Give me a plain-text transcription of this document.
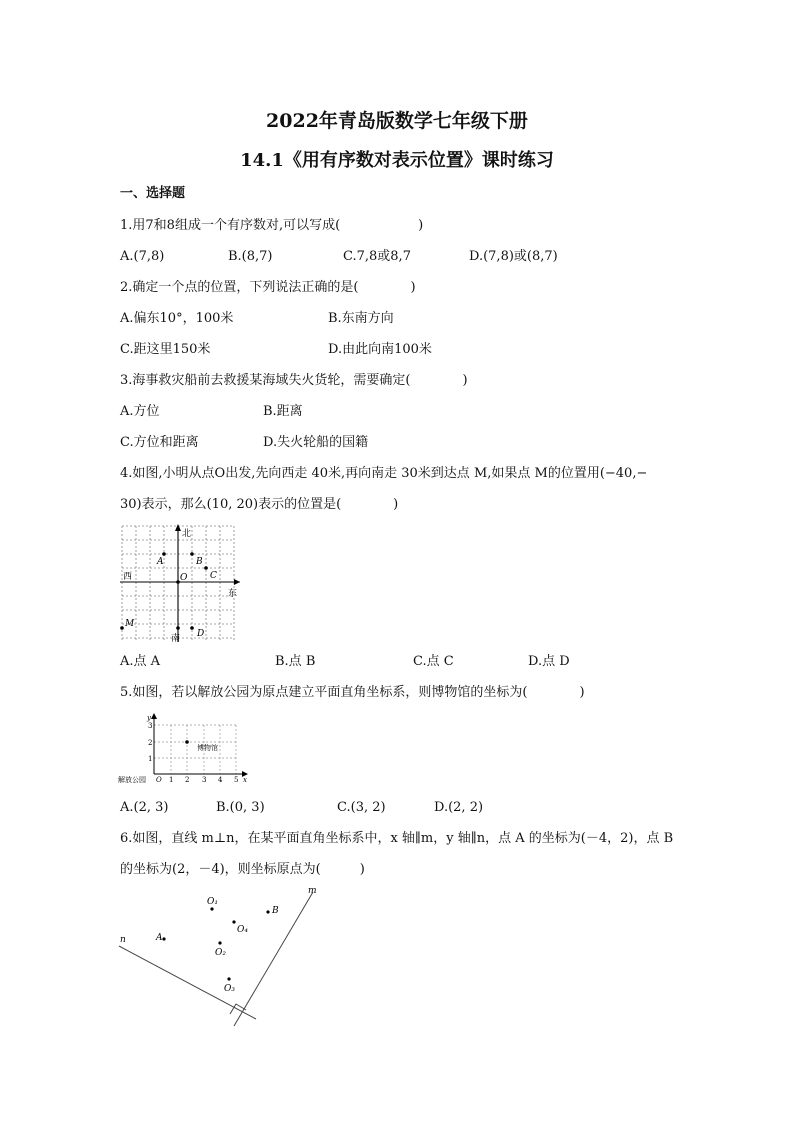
2022年青岛版数学七年级下册
14.1《用有序数对表示位置》课时练习
一、选择题
1.用7和8组成一个有序数对,可以写成(　　　　　　)
A.(7,8)	B.(8,7)	C.7,8或8,7	D.(7,8)或(8,7)
2.确定一个点的位置，下列说法正确的是(　　　　)
A.偏东10°，100米	B.东南方向
C.距这里150米	D.由此向南100米
3.海事救灾船前去救援某海域失火货轮，需要确定(　　　　)
A.方位	B.距离
C.方位和距离	D.失火轮船的国籍
4.如图,小明从点O出发,先向西走 40米,再向南走 30米到达点 M,如果点 M的位置用(−40,−
30)表示，那么(10, 20)表示的位置是(　　　　)
北
南
东
西	O
A	B
C
D
M
A.点 A	B.点 B	C.点 C	D.点 D
5.如图，若以解放公园为原点建立平面直角坐标系，则博物馆的坐标为(　　　　)
y
x
3
2
1
O 1 2 3 4 5
解放公园
博物馆
A.(2, 3)	B.(0, 3)	C.(3, 2)	D.(2, 2)
6.如图，直线 m⊥n，在某平面直角坐标系中，x 轴∥m，y 轴∥n，点 A 的坐标为(－4，2)，点 B
的坐标为(2，－4)，则坐标原点为(　　　)
m
n	A
B
O₁
O₄
O₂
O₃
